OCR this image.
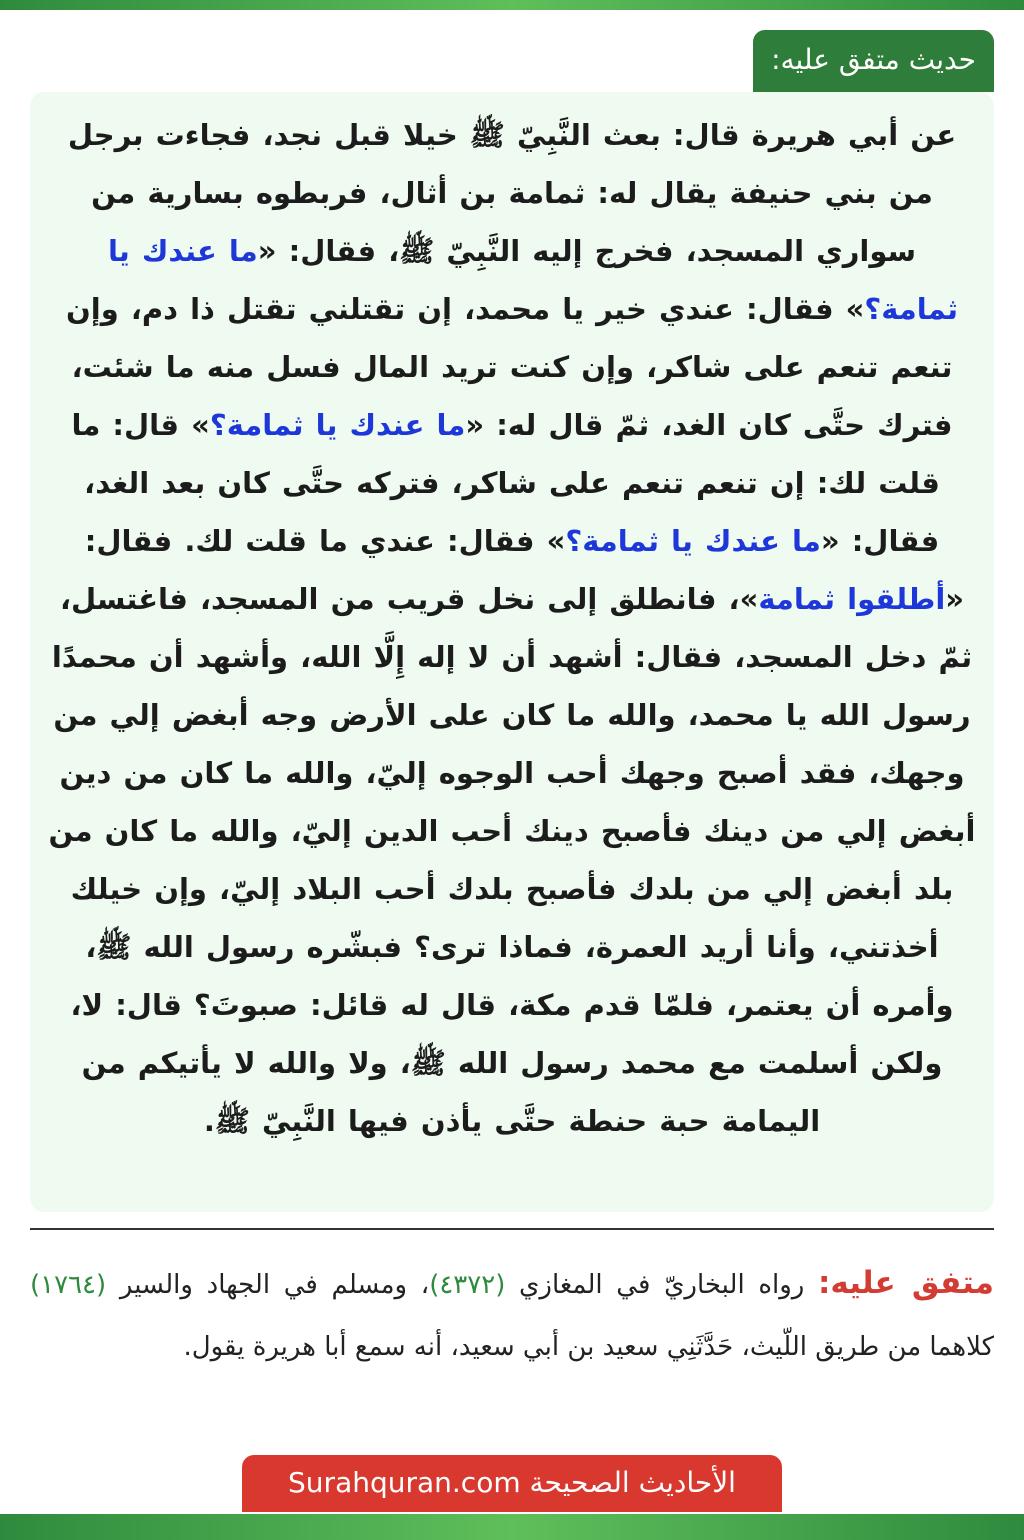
حديث متفق عليه:

عن أبي هريرة قال: بعث النَّبِيّ ﷺ خيلا قبل نجد، فجاءت برجل من بني حنيفة يقال له: ثمامة بن أثال، فربطوه بسارية من سواري المسجد، فخرج إليه النَّبِيّ ﷺ، فقال: «ما عندك يا ثمامة؟» فقال: عندي خير يا محمد، إن تقتلني تقتل ذا دم، وإن تنعم تنعم على شاكر، وإن كنت تريد المال فسل منه ما شئت، فترك حتَّى كان الغد، ثمّ قال له: «ما عندك يا ثمامة؟» قال: ما قلت لك: إن تنعم تنعم على شاكر، فتركه حتَّى كان بعد الغد، فقال: «ما عندك يا ثمامة؟» فقال: عندي ما قلت لك. فقال: «أطلقوا ثمامة»، فانطلق إلى نخل قريب من المسجد، فاغتسل، ثمّ دخل المسجد، فقال: أشهد أن لا إله إِلَّا الله، وأشهد أن محمدًا رسول الله يا محمد، والله ما كان على الأرض وجه أبغض إلي من وجهك، فقد أصبح وجهك أحب الوجوه إليّ، والله ما كان من دين أبغض إلي من دينك فأصبح دينك أحب الدين إليّ، والله ما كان من بلد أبغض إلي من بلدك فأصبح بلدك أحب البلاد إليّ، وإن خيلك أخذتني، وأنا أريد العمرة، فماذا ترى؟ فبشّره رسول الله ﷺ، وأمره أن يعتمر، فلمّا قدم مكة، قال له قائل: صبوتَ؟ قال: لا، ولكن أسلمت مع محمد رسول الله ﷺ، ولا والله لا يأتيكم من اليمامة حبة حنطة حتَّى يأذن فيها النَّبِيّ ﷺ.

متفق عليه: رواه البخاريّ في المغازي (٤٣٧٢)، ومسلم في الجهاد والسير (١٧٦٤) كلاهما من طريق اللّيث، حَدَّثَنِي سعيد بن أبي سعيد، أنه سمع أبا هريرة يقول.

الأحاديث الصحيحة Surahquran.com
